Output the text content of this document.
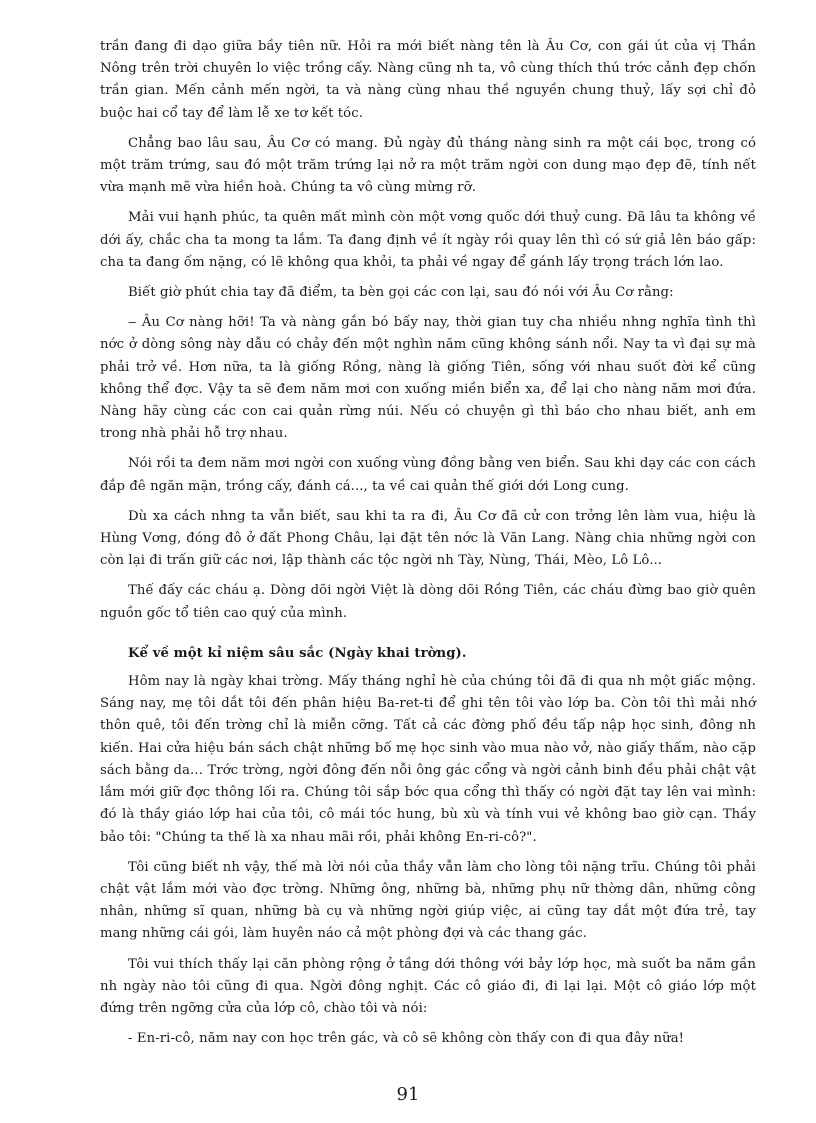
trần đang đi dạo giữa bầy tiên nữ. Hỏi ra mới biết nàng tên là Âu Cơ, con gái út của vị Thần Nông trên trời chuyên lo việc trồng cấy. Nàng cũng nh ta, vô cùng thích thú trớc cảnh đẹp chốn trần gian. Mến cảnh mến ngời, ta và nàng cùng nhau thề nguyền chung thuỷ, lấy sợi chỉ đỏ buộc hai cổ tay để làm lễ xe tơ kết tóc.

Chẳng bao lâu sau, Âu Cơ có mang. Đủ ngày đủ tháng nàng sinh ra một cái bọc, trong có một trăm trứng, sau đó một trăm trứng lại nở ra một trăm ngời con dung mạo đẹp đẽ, tính nết vừa mạnh mẽ vừa hiền hoà. Chúng ta vô cùng mừng rỡ.

Mải vui hạnh phúc, ta quên mất mình còn một vơng quốc dới thuỷ cung. Đã lâu ta không về dới ấy, chắc cha ta mong ta lắm. Ta đang định về ít ngày rồi quay lên thì có sứ giả lên báo gấp: cha ta đang ốm nặng, có lẽ không qua khỏi, ta phải về ngay để gánh lấy trọng trách lớn lao.

Biết giờ phút chia tay đã điểm, ta bèn gọi các con lại, sau đó nói với Âu Cơ rằng:

‒ Âu Cơ nàng hỡi! Ta và nàng gắn bó bấy nay, thời gian tuy cha nhiều nhng nghĩa tình thì nớc ở dòng sông này dẫu có chảy đến một nghìn năm cũng không sánh nổi. Nay ta vì đại sự mà phải trở về. Hơn nữa, ta là giống Rồng, nàng là giống Tiên, sống với nhau suốt đời kể cũng không thể đợc. Vậy ta sẽ đem năm mơi con xuống miền biển xa, để lại cho nàng năm mơi đứa. Nàng hãy cùng các con cai quản rừng núi. Nếu có chuyện gì thì báo cho nhau biết, anh em trong nhà phải hỗ trợ nhau.

Nói rồi ta đem năm mơi ngời con xuống vùng đồng bằng ven biển. Sau khi dạy các con cách đắp đê ngăn mặn, trồng cấy, đánh cá..., ta về cai quản thế giới dới Long cung.

Dù xa cách nhng ta vẫn biết, sau khi ta ra đi, Âu Cơ đã cử con trởng lên làm vua, hiệu là Hùng Vơng, đóng đô ở đất Phong Châu, lại đặt tên nớc là Văn Lang. Nàng chia những ngời con còn lại đi trấn giữ các nơi, lập thành các tộc ngời nh Tày, Nùng, Thái, Mèo, Lô Lô...

Thế đấy các cháu ạ. Dòng dõi ngời Việt là dòng dõi Rồng Tiên, các cháu đừng bao giờ quên nguồn gốc tổ tiên cao quý của mình.

Kể về một kỉ niệm sâu sắc (Ngày khai trờng).

Hôm nay là ngày khai trờng. Mấy tháng nghỉ hè của chúng tôi đã đi qua nh một giấc mộng. Sáng nay, mẹ tôi dắt tôi đến phân hiệu Ba-ret-ti để ghi tên tôi vào lớp ba. Còn tôi thì mải nhớ thôn quê, tôi đến trờng chỉ là miễn cỡng. Tất cả các đờng phố đều tấp nập học sinh, đông nh kiến. Hai cửa hiệu bán sách chật những bố mẹ học sinh vào mua nào vở, nào giấy thấm, nào cặp sách bằng da... Trớc trờng, ngời đông đến nỗi ông gác cổng và ngời cảnh binh đều phải chật vật lắm mới giữ đợc thông lối ra. Chúng tôi sắp bớc qua cổng thì thấy có ngời đặt tay lên vai mình: đó là thầy giáo lớp hai của tôi, cô mái tóc hung, bù xù và tính vui vẻ không bao giờ cạn. Thầy bảo tôi: "Chúng ta thế là xa nhau mãi rồi, phải không En-ri-cô?".

Tôi cũng biết nh vậy, thế mà lời nói của thầy vẫn làm cho lòng tôi nặng trĩu. Chúng tôi phải chật vật lắm mới vào đợc trờng. Những ông, những bà, những phụ nữ thờng dân, những công nhân, những sĩ quan, những bà cụ và những ngời giúp việc, ai cũng tay dắt một đứa trẻ, tay mang những cái gói, làm huyên náo cả một phòng đợi và các thang gác.

Tôi vui thích thấy lại căn phòng rộng ở tầng dới thông với bảy lớp học, mà suốt ba năm gần nh ngày nào tôi cũng đi qua. Ngời đông nghịt. Các cô giáo đi, đi lại lại. Một cô giáo lớp một đứng trên ngỡng cửa của lớp cô, chào tôi và nói:

- En-ri-cô, năm nay con học trên gác, và cô sẽ không còn thấy con đi qua đây nữa!

91
